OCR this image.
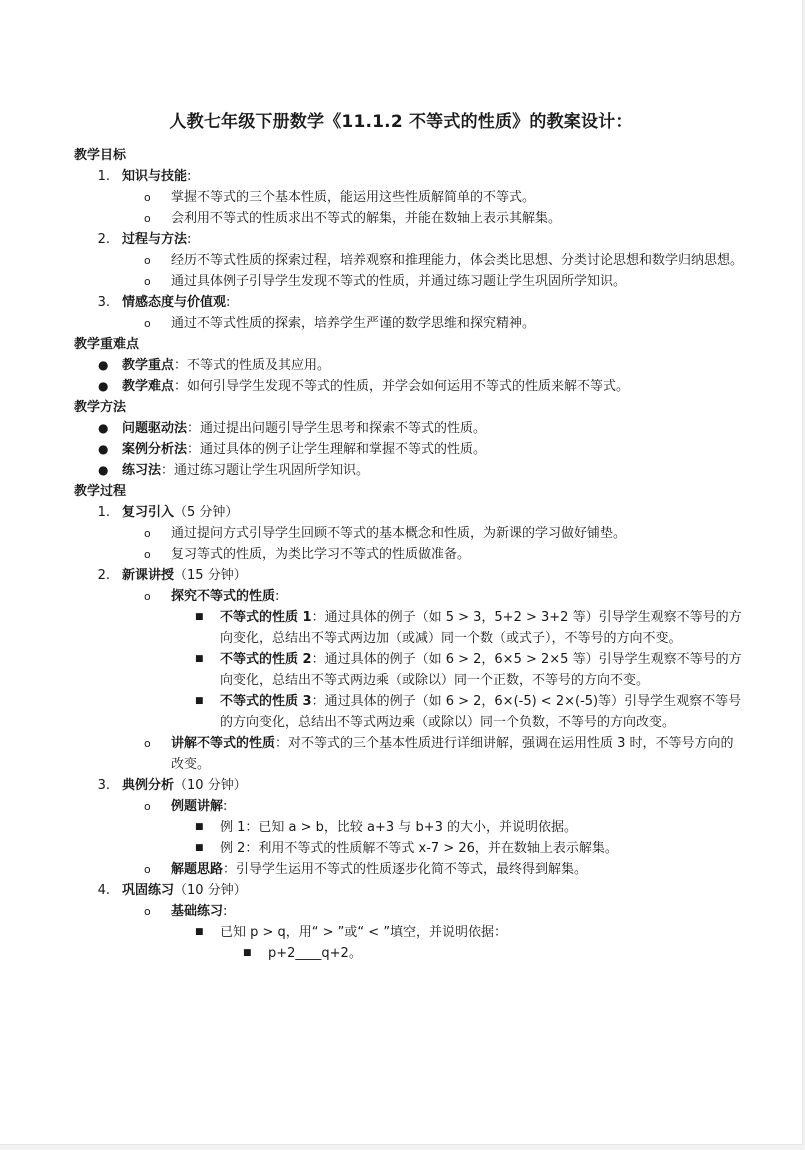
人教七年级下册数学《11.1.2 不等式的性质》的教案设计：
教学目标
1. 知识与技能:
o 掌握不等式的三个基本性质，能运用这些性质解简单的不等式。
o 会利用不等式的性质求出不等式的解集，并能在数轴上表示其解集。
2. 过程与方法:
o 经历不等式性质的探索过程，培养观察和推理能力，体会类比思想、分类讨论思想和数学归纳思想。
o 通过具体例子引导学生发现不等式的性质，并通过练习题让学生巩固所学知识。
3. 情感态度与价值观:
o 通过不等式性质的探索，培养学生严谨的数学思维和探究精神。
教学重难点
● 教学重点：不等式的性质及其应用。
● 教学难点：如何引导学生发现不等式的性质，并学会如何运用不等式的性质来解不等式。
教学方法
● 问题驱动法：通过提出问题引导学生思考和探索不等式的性质。
● 案例分析法：通过具体的例子让学生理解和掌握不等式的性质。
● 练习法：通过练习题让学生巩固所学知识。
教学过程
1. 复习引入（5 分钟）
o 通过提问方式引导学生回顾不等式的基本概念和性质，为新课的学习做好铺垫。
o 复习等式的性质，为类比学习不等式的性质做准备。
2. 新课讲授（15 分钟）
o 探究不等式的性质:
■ 不等式的性质 1：通过具体的例子（如 5 > 3，5+2 > 3+2 等）引导学生观察不等号的方向变化，总结出不等式两边加（或减）同一个数（或式子），不等号的方向不变。
■ 不等式的性质 2：通过具体的例子（如 6 > 2，6×5 > 2×5 等）引导学生观察不等号的方向变化，总结出不等式两边乘（或除以）同一个正数，不等号的方向不变。
■ 不等式的性质 3：通过具体的例子（如 6 > 2，6×(-5) < 2×(-5)等）引导学生观察不等号的方向变化，总结出不等式两边乘（或除以）同一个负数，不等号的方向改变。
o 讲解不等式的性质：对不等式的三个基本性质进行详细讲解，强调在运用性质 3 时，不等号方向的改变。
3. 典例分析（10 分钟）
o 例题讲解:
■ 例 1：已知 a > b，比较 a+3 与 b+3 的大小，并说明依据。
■ 例 2：利用不等式的性质解不等式 x-7 > 26，并在数轴上表示解集。
o 解题思路：引导学生运用不等式的性质逐步化简不等式，最终得到解集。
4. 巩固练习（10 分钟）
o 基础练习:
■ 已知 p > q，用“ > ”或“ < ”填空，并说明依据：
■ p+2____q+2。
